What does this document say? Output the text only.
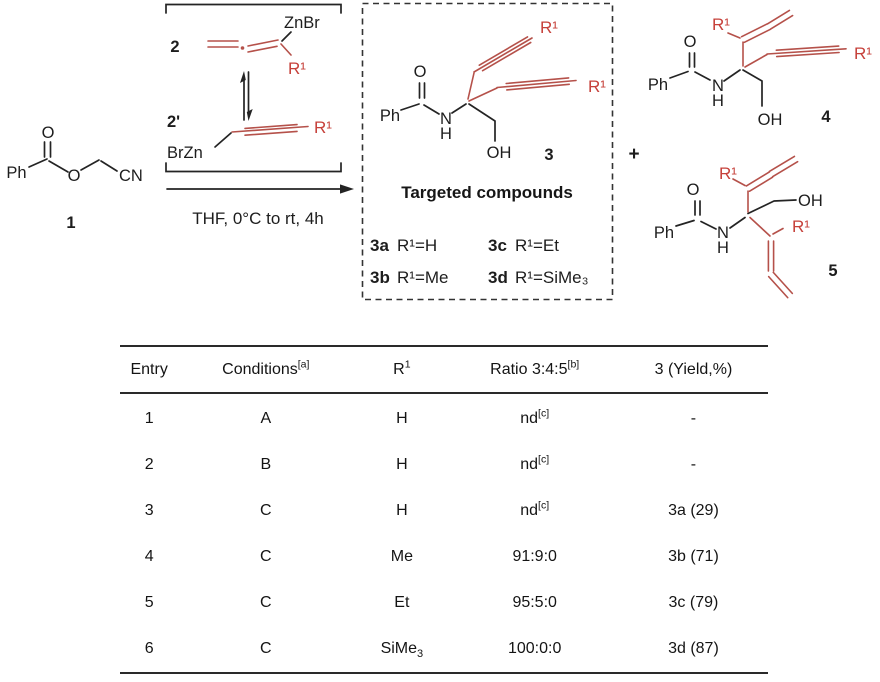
Ph
O
O CN
1
ZnBr
R¹
2
2'
BrZn
R¹
THF, 0°C to rt, 4h
O
Ph N
H
OH
R¹
R¹
3
Targeted compounds
3a R¹=H	3c R¹=Et
3b R¹=Me 3d R¹=SiMe₃
+
R¹
O
Ph	N
H
R¹
OH 4
R¹
O
Ph	N
H
OH
R¹
5
Entry	Conditions[a]	$R^1$	Ratio 3:4:5[b]	3 (Yield,%)
1	A	H	nd[c]	-
2	B	H	nd[c]	-
3	C	H	nd[c]	3a (29)
4	C	Me	91:9:0	3b (71)
5	C	Et	95:5:0	3c (79)
6	C	SiMe$_3$	100:0:0	3d (87)
